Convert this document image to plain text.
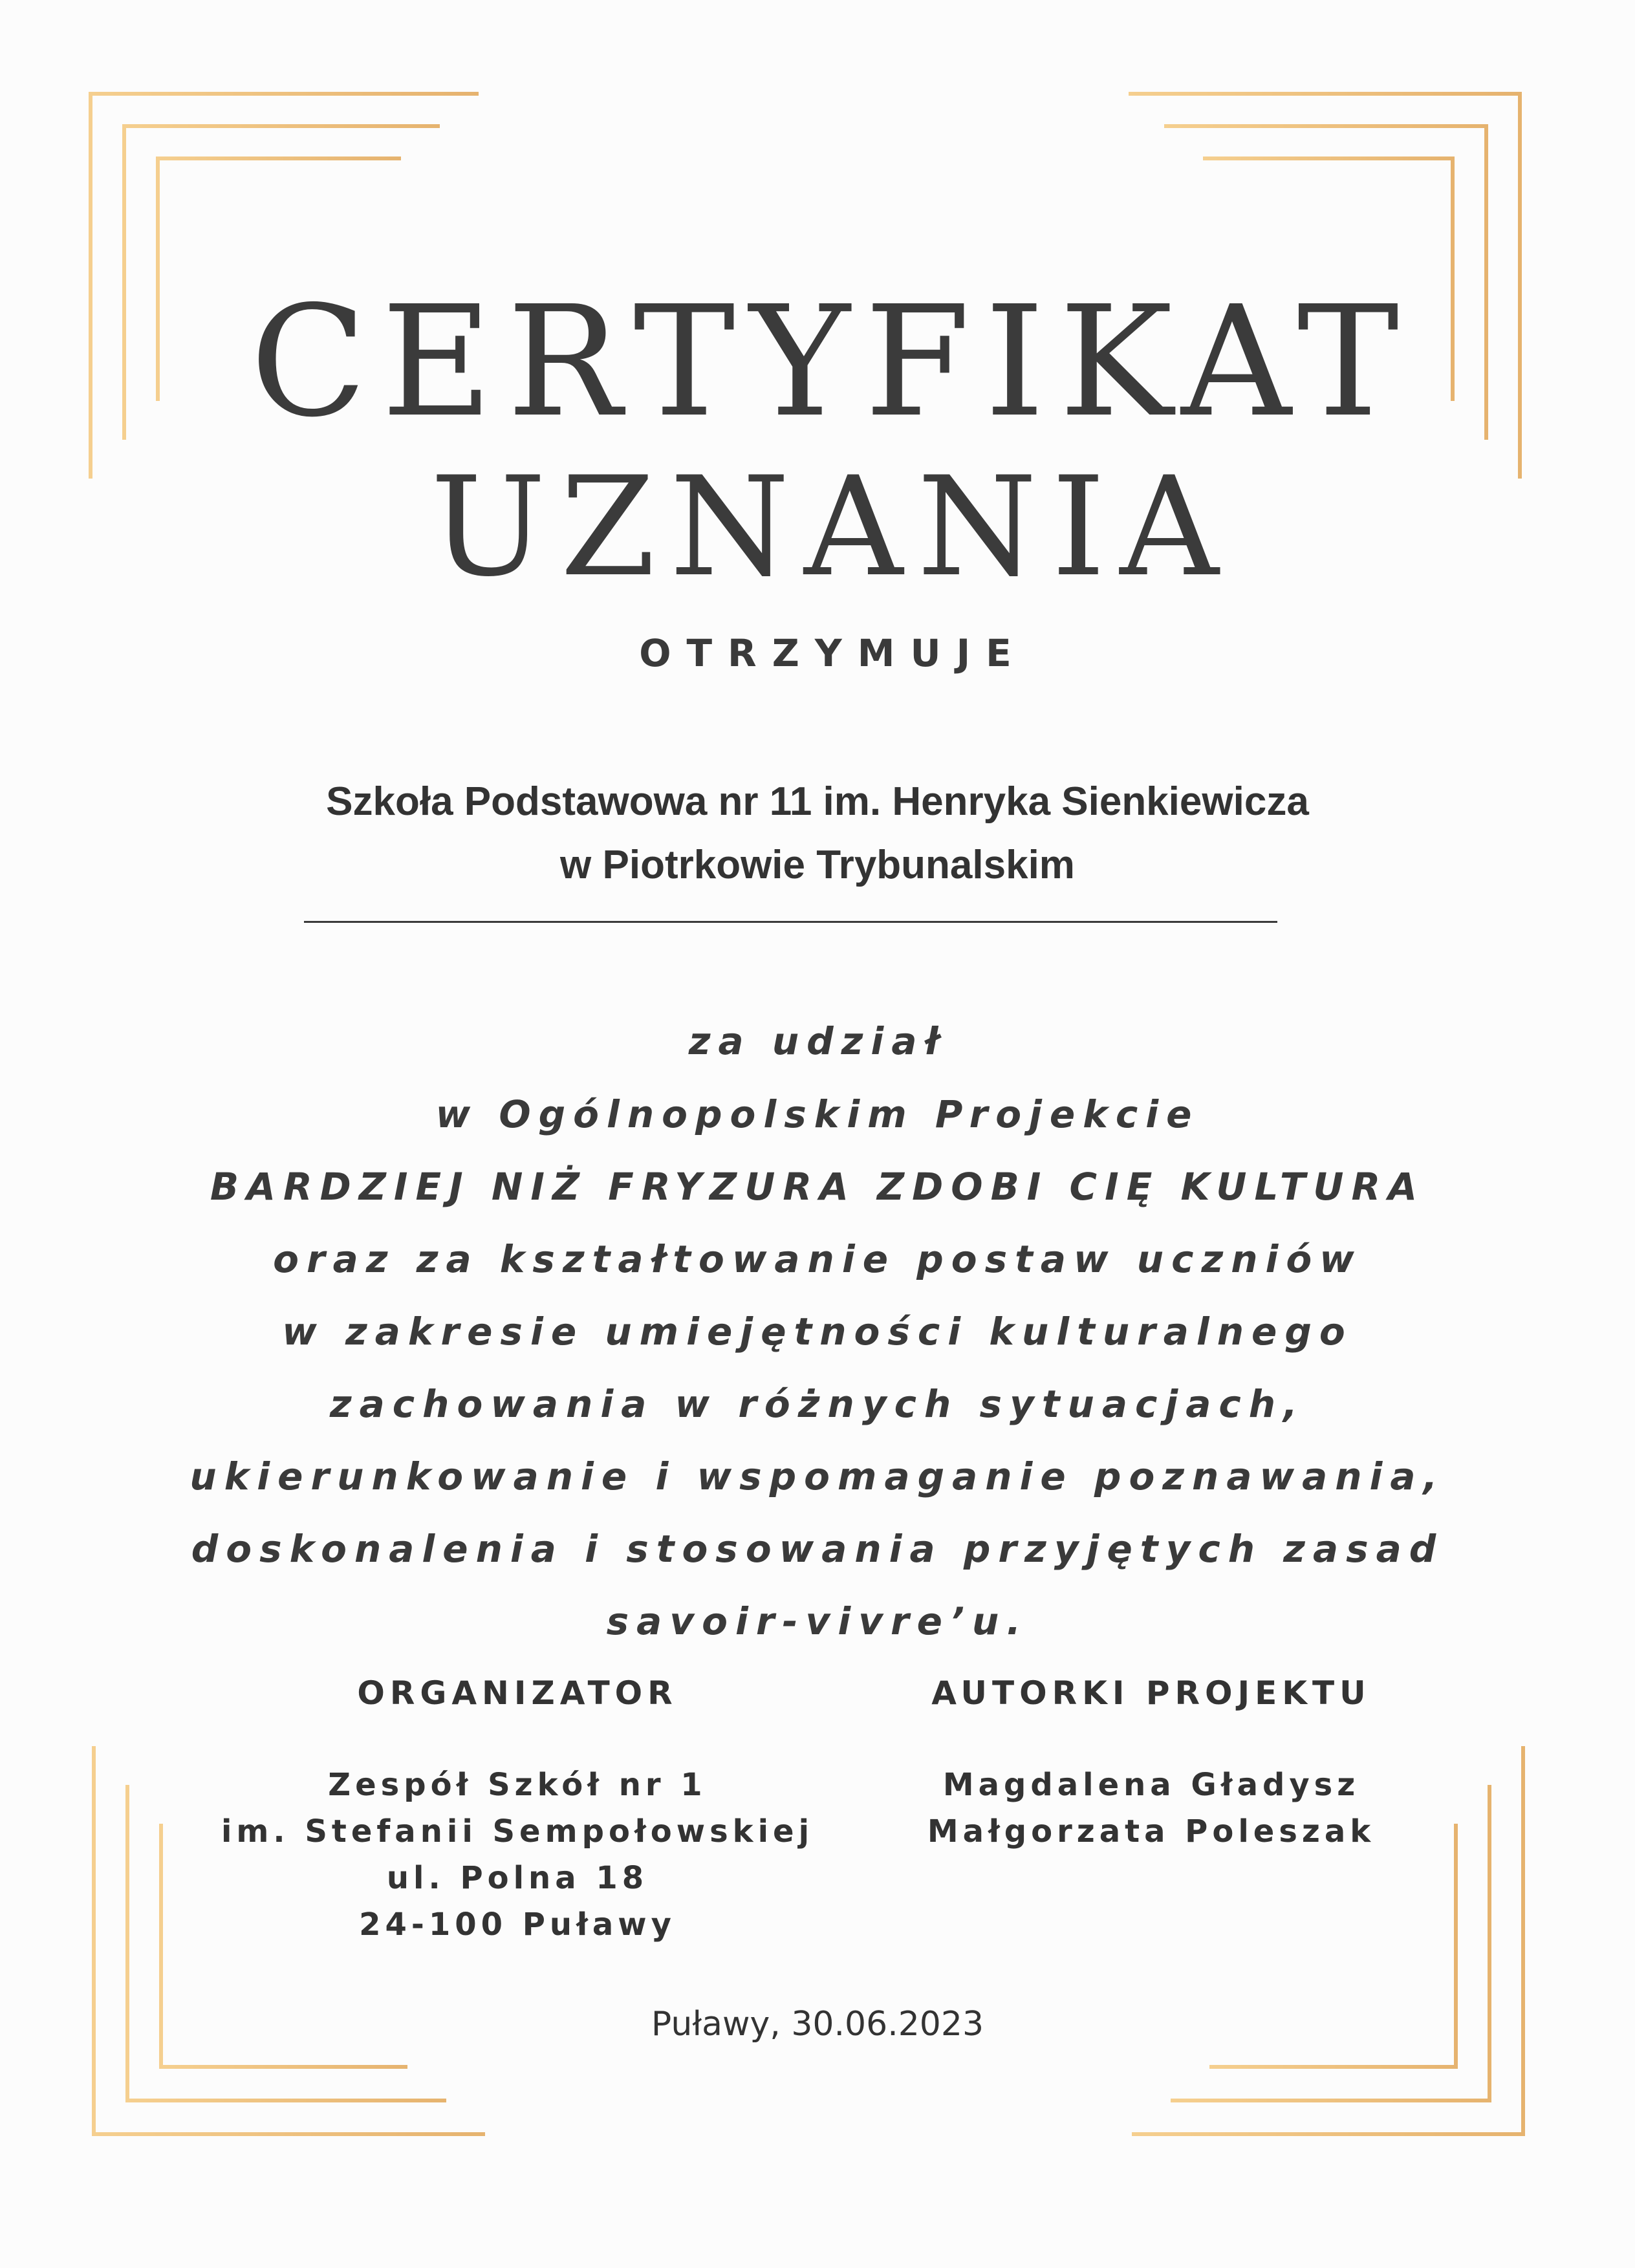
CERTYFIKAT
UZNANIA
OTRZYMUJE
Szkoła Podstawowa nr 11 im. Henryka Sienkiewicza
w Piotrkowie Trybunalskim
za udział
w Ogólnopolskim Projekcie
BARDZIEJ NIŻ FRYZURA ZDOBI CIĘ KULTURA
oraz za kształtowanie postaw uczniów
w zakresie umiejętności kulturalnego
zachowania w różnych sytuacjach,
ukierunkowanie i wspomaganie poznawania,
doskonalenia i stosowania przyjętych zasad
savoir-vivre’u.
ORGANIZATOR	AUTORKI PROJEKTU
Zespół Szkół nr 1
im. Stefanii Sempołowskiej
ul. Polna 18
24-100 Puławy
Magdalena Gładysz
Małgorzata Poleszak
Puławy, 30.06.2023
